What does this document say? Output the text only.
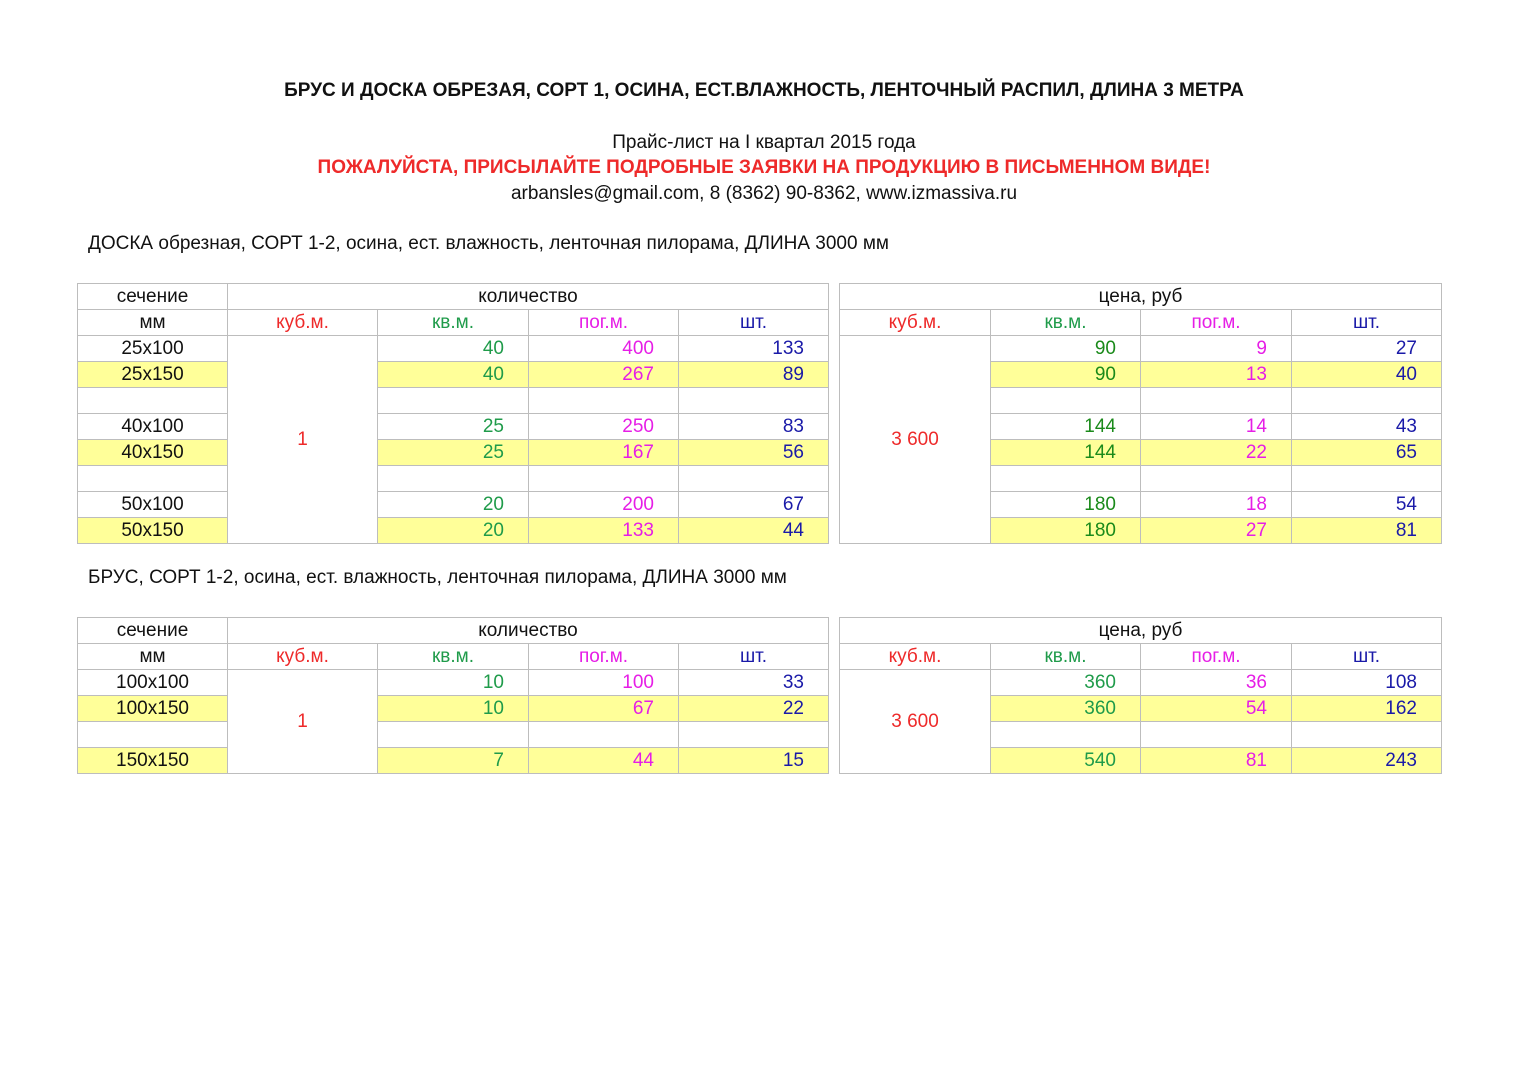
БРУС И ДОСКА ОБРЕЗАЯ, СОРТ 1, ОСИНА, ЕСТ.ВЛАЖНОСТЬ, ЛЕНТОЧНЫЙ РАСПИЛ, ДЛИНА 3 МЕТРА
Прайс-лист на I квартал 2015 года
ПОЖАЛУЙСТА, ПРИСЫЛАЙТЕ ПОДРОБНЫЕ ЗАЯВКИ НА ПРОДУКЦИЮ В ПИСЬМЕННОМ ВИДЕ!
arbansles@gmail.com, 8 (8362) 90-8362, www.izmassiva.ru
ДОСКА обрезная, СОРТ 1-2, осина, ест. влажность, ленточная пилорама, ДЛИНА 3000 мм
сечение	количество					цена, руб			
мм	куб.м.	кв.м.	пог.м.	шт.		куб.м.	кв.м.	пог.м.	шт.
25x100	1	40	400	133		3 600	90	9	27
25x150		40	267	89			90	13	40

40x100		25	250	83			144	14	43
40x150		25	167	56			144	22	65

50x100		20	200	67			180	18	54
50x150		20	133	44			180	27	81
БРУС, СОРТ 1-2, осина, ест. влажность, ленточная пилорама, ДЛИНА 3000 мм
сечение	количество					цена, руб			
мм	куб.м.	кв.м.	пог.м.	шт.		куб.м.	кв.м.	пог.м.	шт.
100x100	1	10	100	33		3 600	360	36	108
100x150		10	67	22			360	54	162

150x150		7	44	15			540	81	243
